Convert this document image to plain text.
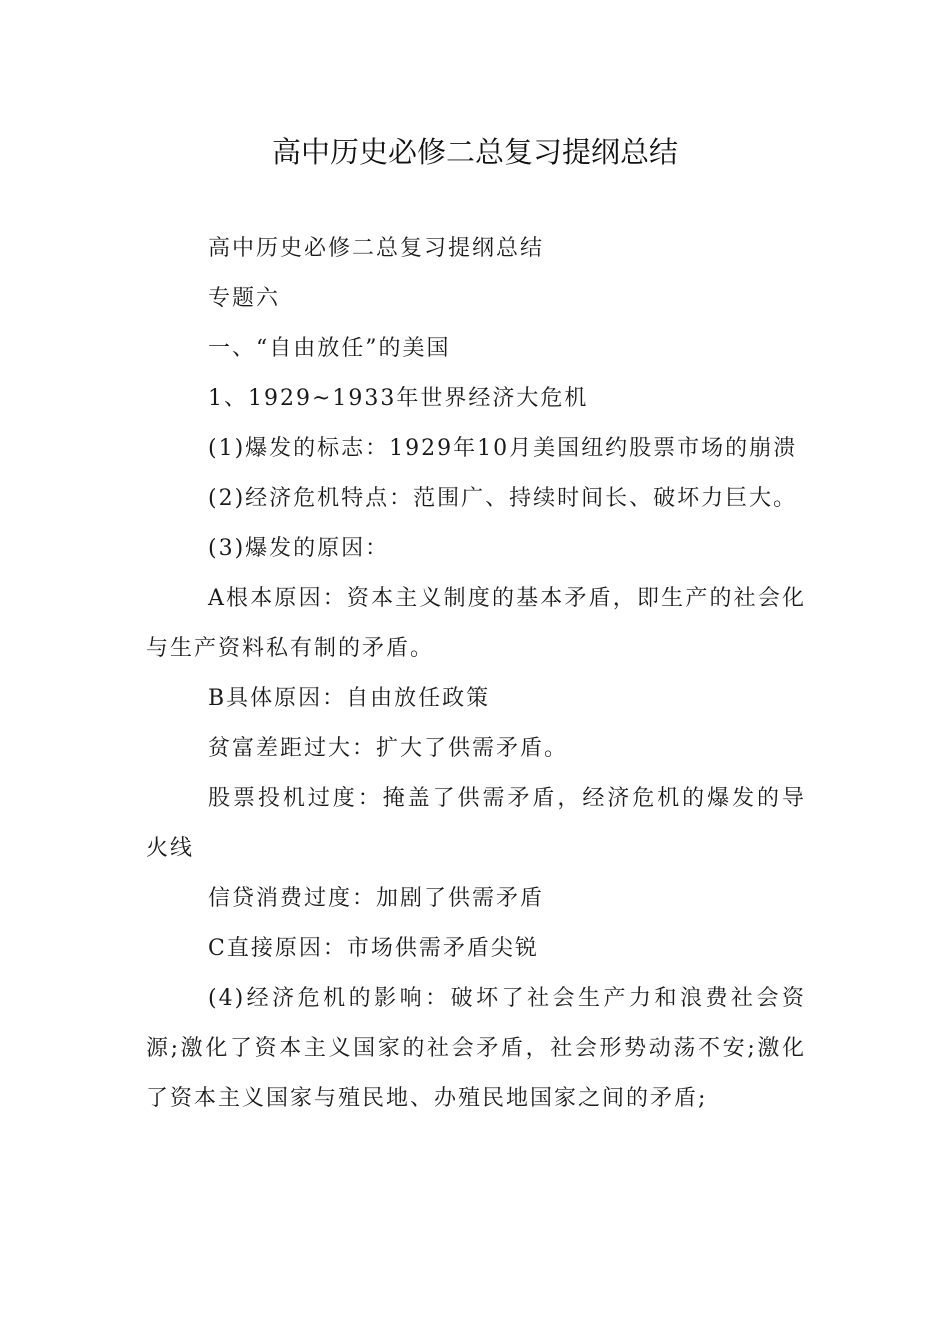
高中历史必修二总复习提纲总结

高中历史必修二总复习提纲总结

专题六

一、“自由放任”的美国

1、1929~1933年世界经济大危机

(1)爆发的标志：1929年10月美国纽约股票市场的崩溃

(2)经济危机特点：范围广、持续时间长、破坏力巨大。

(3)爆发的原因：

A根本原因：资本主义制度的基本矛盾，即生产的社会化与生产资料私有制的矛盾。

B具体原因：自由放任政策

贫富差距过大：扩大了供需矛盾。

股票投机过度：掩盖了供需矛盾，经济危机的爆发的导火线

信贷消费过度：加剧了供需矛盾

C直接原因：市场供需矛盾尖锐

(4)经济危机的影响：破坏了社会生产力和浪费社会资源;激化了资本主义国家的社会矛盾，社会形势动荡不安;激化了资本主义国家与殖民地、办殖民地国家之间的矛盾;
